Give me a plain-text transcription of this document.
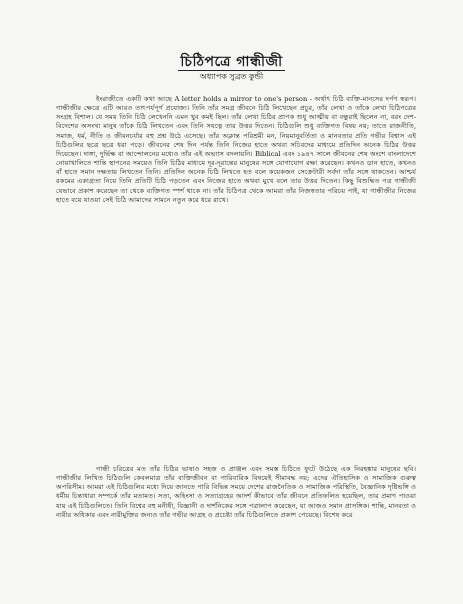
চিঠিপত্রে গান্ধীজী
অধ্যাপক সুব্রত কুন্ডী

ইংরাজীতে একটি কথা আছে A letter holds a mirror to one's person - অর্থাৎ চিঠি ব্যক্তি-মানসের দর্পণ স্বরূপ। গান্ধীজীর ক্ষেত্রে এটি আরও তাৎপর্যপূর্ণ প্রযোজ্য। তিনি তাঁর সমগ্র জীবনে চিঠি লিখেছেন প্রচুর, তাঁর লেখা ও তাঁকে লেখা চিঠিপত্রের সংগ্রহ বিশাল। যে সময় তিনি চিঠি লেখেননি এমন খুব কমই ছিল। তাঁর লেখা চিঠির প্রাপক শুধু আত্মীয় বা বন্ধুরাই ছিলেন না, বরং দেশ-বিদেশের অসংখ্য মানুষ তাঁকে চিঠি লিখতেন এবং তিনি সযত্নে তার উত্তর দিতেন। চিঠিগুলি শুধু ব্যক্তিগত বিষয় নয়; তাতে রাজনীতি, সমাজ, ধর্ম, নীতি ও জীবনচর্যার বহু প্রশ্ন উঠে এসেছে। তাঁর অক্লান্ত পরিশ্রমী মন, নিয়মানুবর্তিতা ও মানবতার প্রতি গভীর বিশ্বাস এই চিঠিগুলির ছত্রে ছত্রে ধরা পড়ে। জীবনের শেষ দিন পর্যন্ত তিনি নিজের হাতে অথবা সচিবদের মাধ্যমে প্রতিদিন অনেক চিঠির উত্তর দিয়েছেন। দাঙ্গা, দুর্ভিক্ষ বা আন্দোলনের মধ্যেও তাঁর এই অভ্যাস বদলায়নি। Biblical এবং ১৯৪৭ সালে জীবনের শেষ অংশে বাংলাদেশে নোয়াখালিতে শান্তি স্থাপনের সময়েও তিনি চিঠির মাধ্যমে দূর-দূরান্তের মানুষের সঙ্গে যোগাযোগ রক্ষা করেছেন। কখনও ডান হাতে, কখনও বাঁ হাতে সমান দক্ষতায় লিখতেন তিনি। প্রতিদিন অনেক চিঠি লিখতে হত বলে কয়েকজন সেক্রেটারী সর্বদা তাঁর সঙ্গে থাকতেন। আশ্চর্য রকমের একাগ্রতা নিয়ে তিনি প্রতিটি চিঠি পড়তেন এবং নিজের হাতে অথবা মুখে বলে তার উত্তর দিতেন। কিছু বিশুদ্ধিত পত্র গান্ধীজী যেভাবে প্রকাশ করেছেন তা থেকে ব্যক্তিগত স্পর্শ থাকে না। তাঁর চিঠিপত্র থেকে আমরা তাঁর নিজস্বতার পরিচয় পাই, যা গান্ধীজীর নিজের হাতে বয়ে যাওয়া সেই চিঠি আমাদের সামনে নতুন করে ধরে রাখে।

গান্ধী চরিত্রের মত তাঁর চিঠির ভাষাও সহজ ও প্রাঞ্জল এবং সমস্ত চিঠিতে ফুটে উঠেছে এক নিরহঙ্কার মানুষের ছবি। গান্ধীজীর লিখিত চিঠিগুলি কেবলমাত্র তাঁর ব্যক্তিজীবন বা পারিবারিক বিষয়েই সীমাবদ্ধ নয়; এদের ঐতিহাসিক ও সামাজিক গুরুত্ব অপরিসীম। আমরা এই চিঠিগুলির মধ্যে দিয়ে জানতে পারি বিভিন্ন সময়ে দেশের রাজনৈতিক ও সামাজিক পরিস্থিতি, বৈজ্ঞানিক দৃষ্টিভঙ্গি ও ধর্মীয় চিন্তাধারা সম্পর্কে তাঁর মতামত। সত্য, অহিংসা ও সত্যাগ্রহের আদর্শ কীভাবে তাঁর জীবনে প্রতিফলিত হয়েছিল, তার প্রমাণ পাওয়া যায় এই চিঠিগুলিতে। তিনি বিশ্বের বহু মনীষী, বিজ্ঞানী ও দার্শনিকের সঙ্গে পত্রালাপ করেছেন, যা আজও সমান প্রাসঙ্গিক। শান্তি, মানবতা ও নারীর অধিকার এবং নারীমুক্তির জন্যও তাঁর গভীর আগ্রহ ও প্রচেষ্টা তাঁর চিঠিগুলিতে প্রকাশ পেয়েছে। বিশেষ করে
